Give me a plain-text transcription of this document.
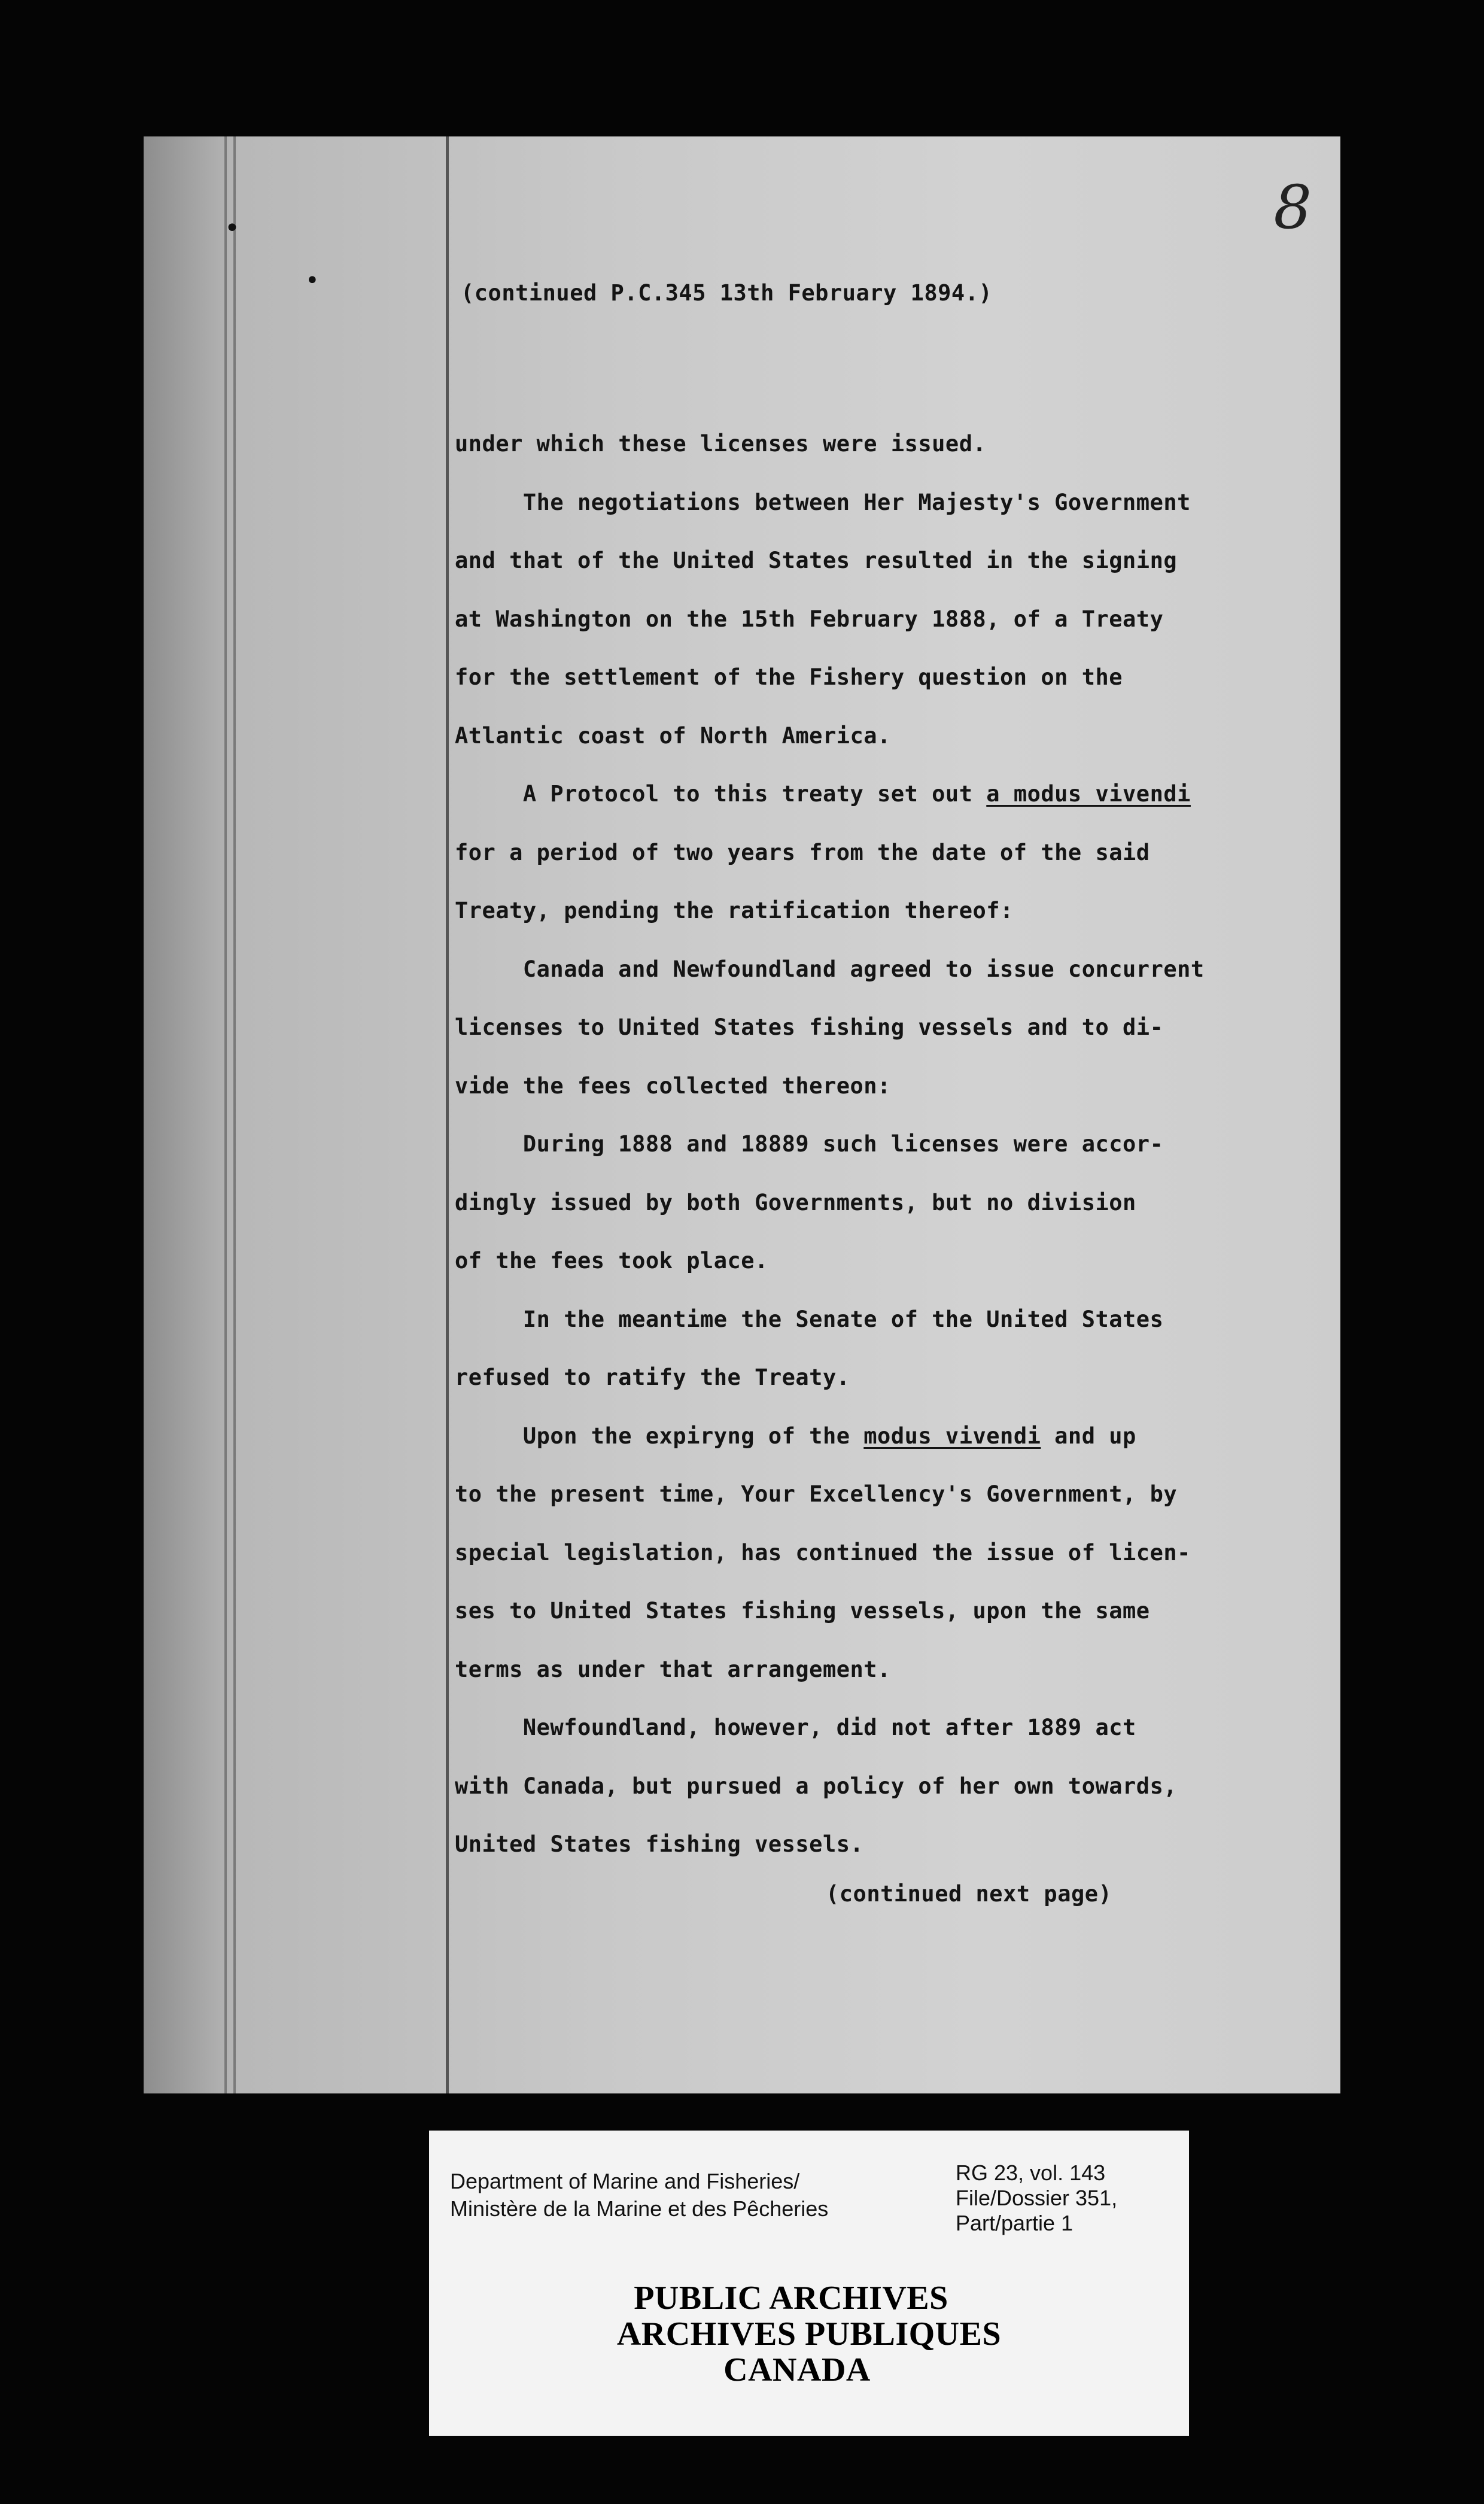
8
•
•	(continued P.C.345 13th February 1894.)
under which these licenses were issued.
The negotiations between Her Majesty's Government
and that of the United States resulted in the signing
at Washington on the 15th February 1888, of a Treaty
for the settlement of the Fishery question on the
Atlantic coast of North America.
A Protocol to this treaty set out a modus vivendi
for a period of two years from the date of the said
Treaty, pending the ratification thereof:
Canada and Newfoundland agreed to issue concurrent
licenses to United States fishing vessels and to di-
vide the fees collected thereon:
During 1888 and 18889 such licenses were accor-
dingly issued by both Governments, but no division
of the fees took place.
In the meantime the Senate of the United States
refused to ratify the Treaty.
Upon the expiryng of the modus vivendi and up
to the present time, Your Excellency's Government, by
special legislation, has continued the issue of licen-
ses to United States fishing vessels, upon the same
terms as under that arrangement.
Newfoundland, however, did not after 1889 act
with Canada, but pursued a policy of her own towards,
United States fishing vessels.
(continued next page)
Department of Marine and Fisheries/
Ministère de la Marine et des Pêcheries
RG 23, vol. 143
File/Dossier 351,
Part/partie 1
PUBLIC ARCHIVES
ARCHIVES PUBLIQUES
CANADA
